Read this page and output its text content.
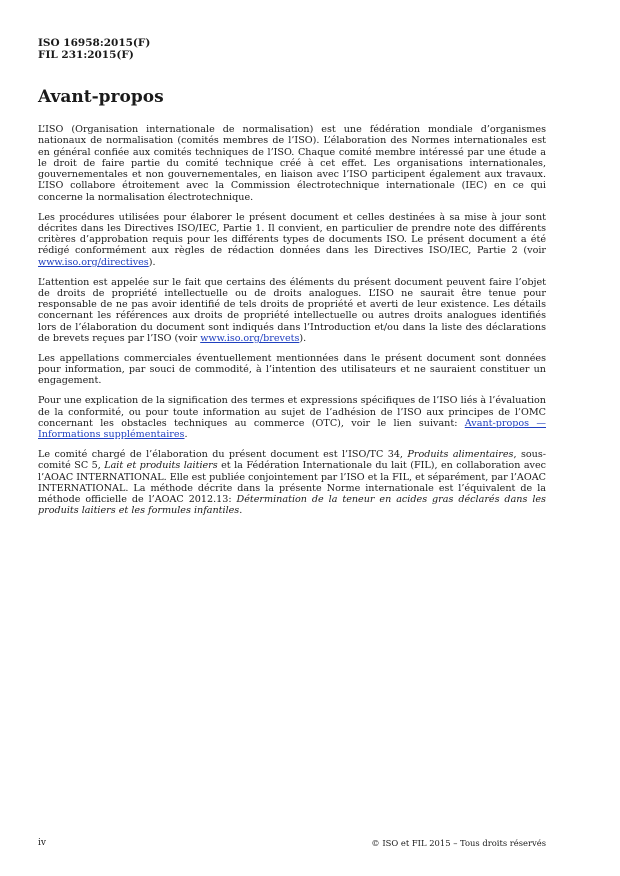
ISO 16958:2015(F)
FIL 231:2015(F)
Avant-propos

L’ISO (Organisation internationale de normalisation) est une fédération mondiale d’organismes nationaux de normalisation (comités membres de l’ISO). L’élaboration des Normes internationales est en général confiée aux comités techniques de l’ISO. Chaque comité membre intéressé par une étude a le droit de faire partie du comité technique créé à cet effet. Les organisations internationales, gouvernementales et non gouvernementales, en liaison avec l’ISO participent également aux travaux. L’ISO collabore étroitement avec la Commission électrotechnique internationale (IEC) en ce qui concerne la normalisation électrotechnique.

Les procédures utilisées pour élaborer le présent document et celles destinées à sa mise à jour sont décrites dans les Directives ISO/IEC, Partie 1. Il convient, en particulier de prendre note des différents critères d’approbation requis pour les différents types de documents ISO. Le présent document a été rédigé conformément aux règles de rédaction données dans les Directives ISO/IEC, Partie 2 (voir www.iso.org/directives).

L’attention est appelée sur le fait que certains des éléments du présent document peuvent faire l’objet de droits de propriété intellectuelle ou de droits analogues. L’ISO ne saurait être tenue pour responsable de ne pas avoir identifié de tels droits de propriété et averti de leur existence. Les détails concernant les références aux droits de propriété intellectuelle ou autres droits analogues identifiés lors de l’élaboration du document sont indiqués dans l’Introduction et/ou dans la liste des déclarations de brevets reçues par l’ISO (voir www.iso.org/brevets).

Les appellations commerciales éventuellement mentionnées dans le présent document sont données pour information, par souci de commodité, à l’intention des utilisateurs et ne sauraient constituer un engagement.

Pour une explication de la signification des termes et expressions spécifiques de l’ISO liés à l’évaluation de la conformité, ou pour toute information au sujet de l’adhésion de l’ISO aux principes de l’OMC concernant les obstacles techniques au commerce (OTC), voir le lien suivant: Avant-propos — Informations supplémentaires.

Le comité chargé de l’élaboration du présent document est l’ISO/TC 34, Produits alimentaires, sous-comité SC 5, Lait et produits laitiers et la Fédération Internationale du lait (FIL), en collaboration avec l’AOAC INTERNATIONAL. Elle est publiée conjointement par l’ISO et la FIL, et séparément, par l’AOAC INTERNATIONAL. La méthode décrite dans la présente Norme internationale est l’équivalent de la méthode officielle de l’AOAC 2012.13: Détermination de la teneur en acides gras déclarés dans les produits laitiers et les formules infantiles.

iv	© ISO et FIL 2015 – Tous droits réservés
